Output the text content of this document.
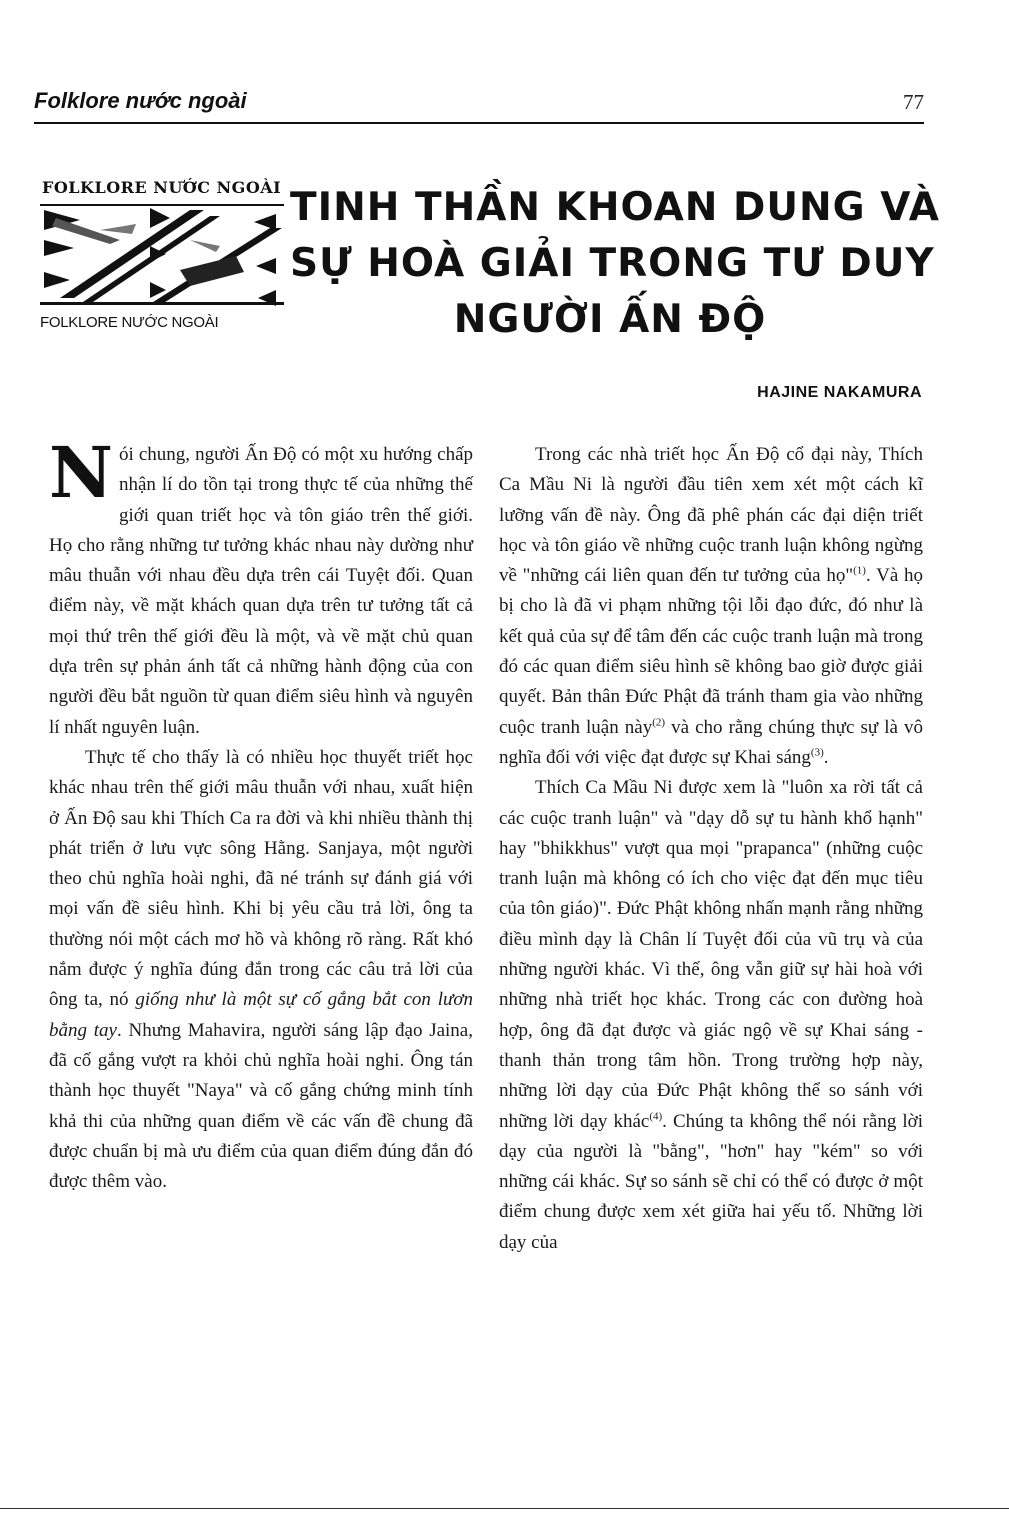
Folklore nước ngoài	77
FOLKLORE NƯỚC NGOÀI
FOLKLORE NƯỚC NGOÀI
TINH THẦN KHOAN DUNG VÀ
SỰ HOÀ GIẢI TRONG TƯ DUY
NGƯỜI ẤN ĐỘ
HAJINE NAKAMURA

Nói chung, người Ấn Độ có một xu hướng chấp nhận lí do tồn tại trong thực tế của những thế giới quan triết học và tôn giáo trên thế giới. Họ cho rằng những tư tưởng khác nhau này dường như mâu thuẫn với nhau đều dựa trên cái Tuyệt đối. Quan điểm này, về mặt khách quan dựa trên tư tưởng tất cả mọi thứ trên thế giới đều là một, và về mặt chủ quan dựa trên sự phản ánh tất cả những hành động của con người đều bắt nguồn từ quan điểm siêu hình và nguyên lí nhất nguyên luận.

Thực tế cho thấy là có nhiều học thuyết triết học khác nhau trên thế giới mâu thuẫn với nhau, xuất hiện ở Ấn Độ sau khi Thích Ca ra đời và khi nhiều thành thị phát triển ở lưu vực sông Hằng. Sanjaya, một người theo chủ nghĩa hoài nghi, đã né tránh sự đánh giá với mọi vấn đề siêu hình. Khi bị yêu cầu trả lời, ông ta thường nói một cách mơ hồ và không rõ ràng. Rất khó nắm được ý nghĩa đúng đắn trong các câu trả lời của ông ta, nó giống như là một sự cố gắng bắt con lươn bằng tay. Nhưng Mahavira, người sáng lập đạo Jaina, đã cố gắng vượt ra khỏi chủ nghĩa hoài nghi. Ông tán thành học thuyết "Naya" và cố gắng chứng minh tính khả thi của những quan điểm về các vấn đề chung đã được chuẩn bị mà ưu điểm của quan điểm đúng đắn đó được thêm vào.

Trong các nhà triết học Ấn Độ cổ đại này, Thích Ca Mầu Ni là người đầu tiên xem xét một cách kĩ lưỡng vấn đề này. Ông đã phê phán các đại diện triết học và tôn giáo về những cuộc tranh luận không ngừng về "những cái liên quan đến tư tưởng của họ"$^{(1)}$. Và họ bị cho là đã vi phạm những tội lỗi đạo đức, đó như là kết quả của sự để tâm đến các cuộc tranh luận mà trong đó các quan điểm siêu hình sẽ không bao giờ được giải quyết. Bản thân Đức Phật đã tránh tham gia vào những cuộc tranh luận này$^{(2)}$ và cho rằng chúng thực sự là vô nghĩa đối với việc đạt được sự Khai sáng$^{(3)}$.

Thích Ca Mầu Ni được xem là "luôn xa rời tất cả các cuộc tranh luận" và "dạy dỗ sự tu hành khổ hạnh" hay "bhikkhus" vượt qua mọi "prapanca" (những cuộc tranh luận mà không có ích cho việc đạt đến mục tiêu của tôn giáo)". Đức Phật không nhấn mạnh rằng những điều mình dạy là Chân lí Tuyệt đối của vũ trụ và của những người khác. Vì thế, ông vẫn giữ sự hài hoà với những nhà triết học khác. Trong các con đường hoà hợp, ông đã đạt được và giác ngộ về sự Khai sáng - thanh thản trong tâm hồn. Trong trường hợp này, những lời dạy của Đức Phật không thể so sánh với những lời dạy khác$^{(4)}$. Chúng ta không thể nói rằng lời dạy của người là "bằng", "hơn" hay "kém" so với những cái khác. Sự so sánh sẽ chỉ có thể có được ở một điểm chung được xem xét giữa hai yếu tố. Những lời dạy của
